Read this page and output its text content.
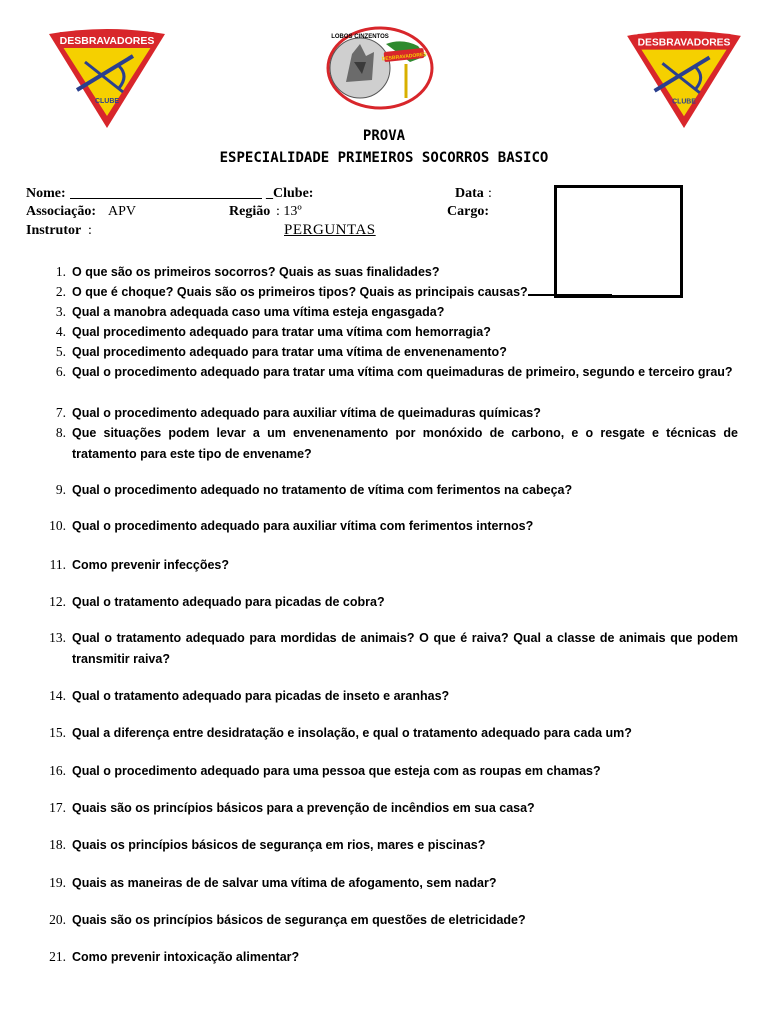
DESBRAVADORES
CLUBE
LOBOS CINZENTOS
DESBRAVADORES
DESBRAVADORES
CLUBE
PROVA
ESPECIALIDADE PRIMEIROS SOCORROS BASICO
Nome:	_Clube:	Data :
Associação: APV	Região : 13º	Cargo:
Instrutor :	PERGUNTAS
1. O que são os primeiros socorros? Quais as suas finalidades?
2. O que é choque? Quais são os primeiros tipos? Quais as principais causas?
3. Qual a manobra adequada caso uma vítima esteja engasgada?
4. Qual procedimento adequado para tratar uma vítima com hemorragia?
5. Qual procedimento adequado para tratar uma vítima de envenenamento?
6. Qual o procedimento adequado para tratar uma vítima com queimaduras de primeiro, segundo e terceiro grau?
7. Qual o procedimento adequado para auxiliar vítima de queimaduras químicas?
8. Que situações podem levar a um envenenamento por monóxido de carbono, e o resgate e técnicas de tratamento para este tipo de envename?
9. Qual o procedimento adequado no tratamento de vítima com ferimentos na cabeça?
10. Qual o procedimento adequado para auxiliar vítima com ferimentos internos?
11. Como prevenir infecções?
12. Qual o tratamento adequado para picadas de cobra?
13. Qual o tratamento adequado para mordidas de animais? O que é raiva? Qual a classe de animais que podem transmitir raiva?
14. Qual o tratamento adequado para picadas de inseto e aranhas?
15. Qual a diferença entre desidratação e insolação, e qual o tratamento adequado para cada um?
16. Qual o procedimento adequado para uma pessoa que esteja com as roupas em chamas?
17. Quais são os princípios básicos para a prevenção de incêndios em sua casa?
18. Quais os princípios básicos de segurança em rios, mares e piscinas?
19. Quais as maneiras de de salvar uma vítima de afogamento, sem nadar?
20. Quais são os princípios básicos de segurança em questões de eletricidade?
21. Como prevenir intoxicação alimentar?
